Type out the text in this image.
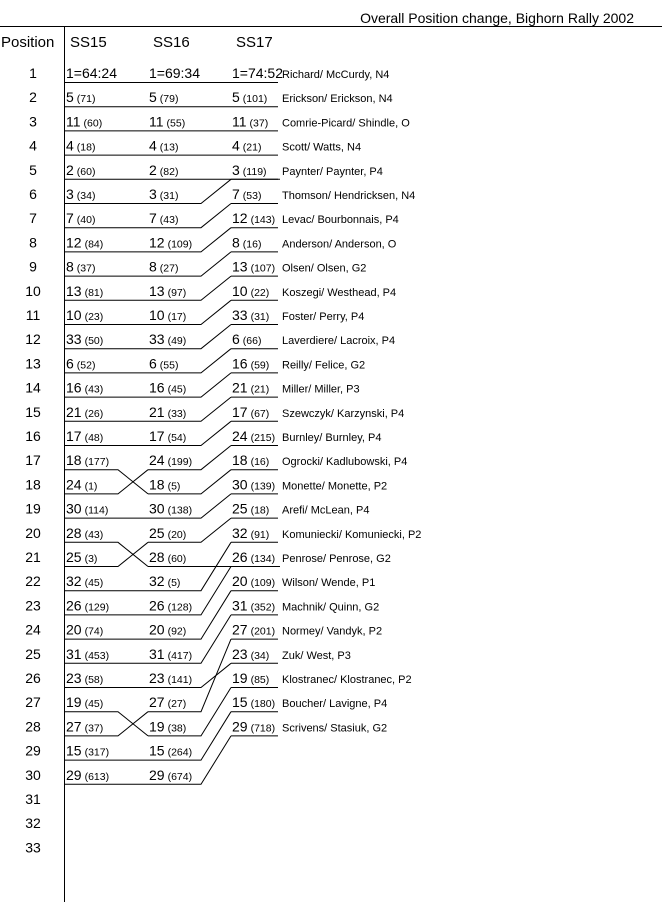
Overall Position change, Bighorn Rally 2002
Position SS15	SS16	SS17
1
2
3
4
5
6
7
8
9
10
11
12
13
14
15
16
17
18
19
20
21
22
23
24
25
26
27
28
29
30
31
32
33
1 =64:24
5 (71)
11 (60)
4 (18)
2 (60)
3 (34)
7 (40)
12 (84)
8 (37)
13 (81)
10 (23)
33 (50)
6 (52)
16 (43)
21 (26)
17 (48)
18 (177)
24 (1)
30 (114)
28 (43)
25 (3)
32 (45)
26 (129)
20 (74)
31 (453)
23 (58)
19 (45)
27 (37)
15 (317)
29 (613)
1 =69:34
5 (79)
11 (55)
4 (13)
2 (82)
3 (31)
7 (43)
12 (109)
8 (27)
13 (97)
10 (17)
33 (49)
6 (55)
16 (45)
21 (33)
17 (54)
24 (199)
18 (5)
30 (138)
25 (20)
28 (60)
32 (5)
26 (128)
20 (92)
31 (417)
23 (141)
27 (27)
19 (38)
15 (264)
29 (674)
1 =74:52
Richard/ McCurdy, N4
5 (101) Erickson/ Erickson, N4
11 (37) Comrie-Picard/ Shindle, O
4 (21) Scott/ Watts, N4
3 (119) Paynter/ Paynter, P4
7 (53) Thomson/ Hendricksen, N4
12 (143) Levac/ Bourbonnais, P4
8 (16) Anderson/ Anderson, O
13 (107) Olsen/ Olsen, G2
10 (22) Koszegi/ Westhead, P4
33 (31) Foster/ Perry, P4
6 (66) Laverdiere/ Lacroix, P4
16 (59) Reilly/ Felice, G2
21 (21) Miller/ Miller, P3
17 (67) Szewczyk/ Karzynski, P4
24 (215) Burnley/ Burnley, P4
18 (16) Ogrocki/ Kadlubowski, P4
30 (139) Monette/ Monette, P2
25 (18) Arefi/ McLean, P4
32 (91) Komuniecki/ Komuniecki, P2
26 (134) Penrose/ Penrose, G2
20 (109) Wilson/ Wende, P1
31 (352) Machnik/ Quinn, G2
27 (201) Normey/ Vandyk, P2
23 (34) Zuk/ West, P3
19 (85) Klostranec/ Klostranec, P2
15 (180) Boucher/ Lavigne, P4
29 (718) Scrivens/ Stasiuk, G2
